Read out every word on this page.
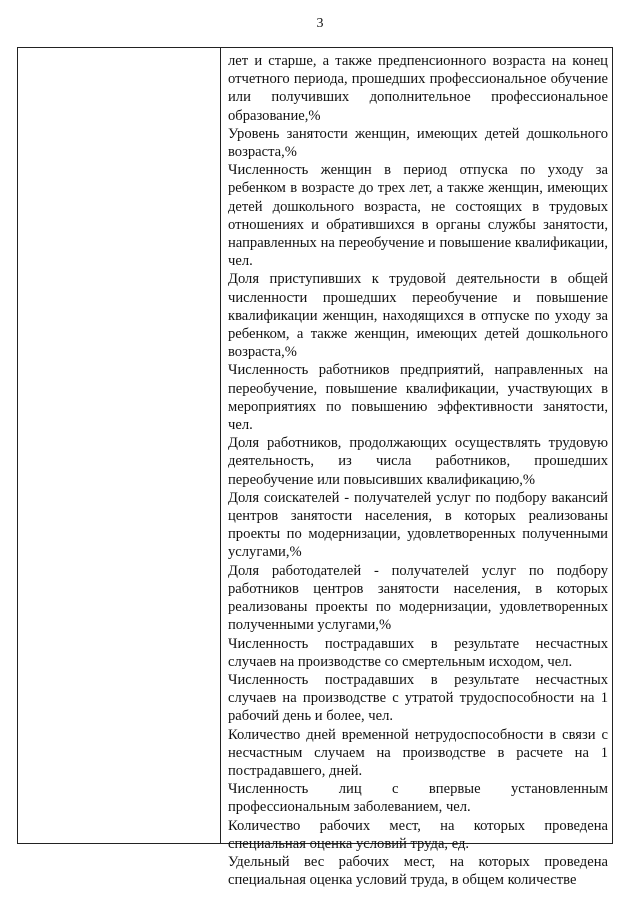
3

лет и старше, а также предпенсионного возраста на конец отчетного периода, прошедших профессиональное обучение или получивших дополнительное профессиональное образование,%

Уровень занятости женщин, имеющих детей дошкольного возраста,%

Численность женщин в период отпуска по уходу за ребенком в возрасте до трех лет, а также женщин, имеющих детей дошкольного возраста, не состоящих в трудовых отношениях и обратившихся в органы службы занятости, направленных на переобучение и повышение квалификации, чел.

Доля приступивших к трудовой деятельности в общей численности прошедших переобучение и повышение квалификации женщин, находящихся в отпуске по уходу за ребенком, а также женщин, имеющих детей дошкольного возраста,%

Численность работников предприятий, направленных на переобучение, повышение квалификации, участвующих в мероприятиях по повышению эффективности занятости, чел.

Доля работников, продолжающих осуществлять трудовую деятельность, из числа работников, прошедших переобучение или повысивших квалификацию,%

Доля соискателей - получателей услуг по подбору вакансий центров занятости населения, в которых реализованы проекты по модернизации, удовлетворенных полученными услугами,%

Доля работодателей - получателей услуг по подбору работников центров занятости населения, в которых реализованы проекты по модернизации, удовлетворенных полученными услугами,%

Численность пострадавших в результате несчастных случаев на производстве со смертельным исходом, чел.

Численность пострадавших в результате несчастных случаев на производстве с утратой трудоспособности на 1 рабочий день и более, чел.

Количество дней временной нетрудоспособности в связи с несчастным случаем на производстве в расчете на 1 пострадавшего, дней.

Численность лиц с впервые установленным профессиональным заболеванием, чел.

Количество рабочих мест, на которых проведена специальная оценка условий труда, ед.

Удельный вес рабочих мест, на которых проведена специальная оценка условий труда, в общем количестве
